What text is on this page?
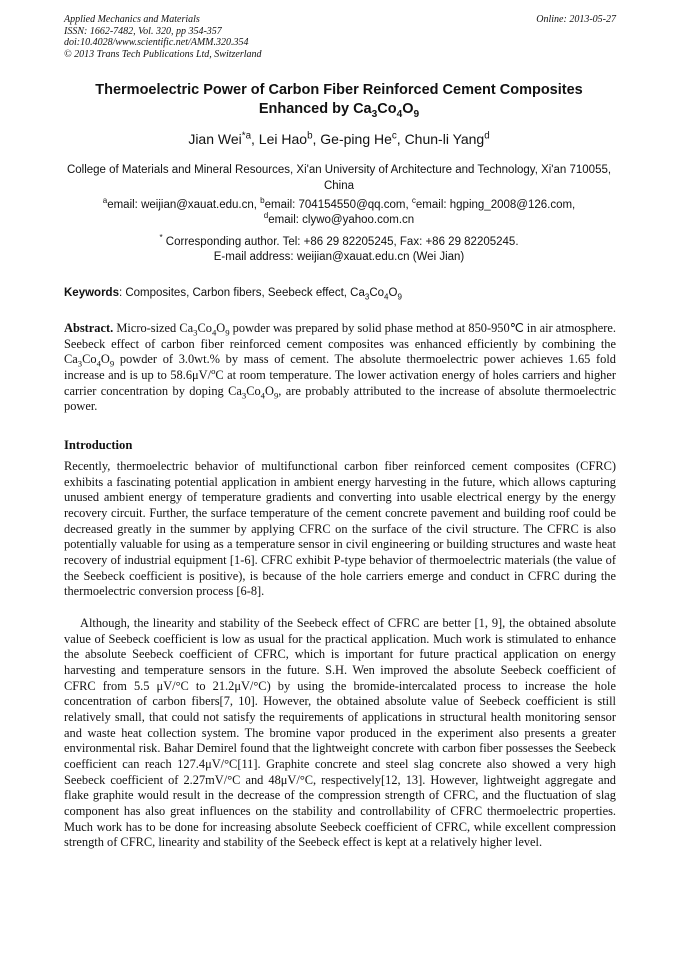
Applied Mechanics and Materials
ISSN: 1662-7482, Vol. 320, pp 354-357
doi:10.4028/www.scientific.net/AMM.320.354
© 2013 Trans Tech Publications Ltd, Switzerland
Online: 2013-05-27
Thermoelectric Power of Carbon Fiber Reinforced Cement Composites
Enhanced by $Ca_3Co_4O_9$
Jian Wei$^{*a}$, Lei Hao$^b$, Ge-ping He$^c$, Chun-li Yang$^d$
College of Materials and Mineral Resources, Xi'an University of Architecture and Technology, Xi'an 710055, China
$^a$email: weijian@xauat.edu.cn, $^b$email: 704154550@qq.com, $^c$email: hgping_2008@126.com,
$^d$email: clywo@yahoo.com.cn
* Corresponding author. Tel: +86 29 82205245, Fax: +86 29 82205245.
E-mail address: weijian@xauat.edu.cn (Wei Jian)
Keywords: Composites, Carbon fibers, Seebeck effect, $Ca_3Co_4O_9$
Abstract. Micro-sized $Ca_3Co_4O_9$ powder was prepared by solid phase method at 850-950℃ in air atmosphere. Seebeck effect of carbon fiber reinforced cement composites was enhanced efficiently by combining the $Ca_3Co_4O_9$ powder of 3.0wt.% by mass of cement. The absolute thermoelectric power achieves 1.65 fold increase and is up to 58.6μV/$^o$C at room temperature. The lower activation energy of holes carriers and higher carrier concentration by doping $Ca_3Co_4O_9$, are probably attributed to the increase of absolute thermoelectric power.
Introduction
Recently, thermoelectric behavior of multifunctional carbon fiber reinforced cement composites (CFRC) exhibits a fascinating potential application in ambient energy harvesting in the future, which allows capturing unused ambient energy of temperature gradients and converting into usable electrical energy by the energy recovery circuit. Further, the surface temperature of the cement concrete pavement and building roof could be decreased greatly in the summer by applying CFRC on the surface of the civil structure. The CFRC is also potentially valuable for using as a temperature sensor in civil engineering or building structures and waste heat recovery of industrial equipment [1-6]. CFRC exhibit P-type behavior of thermoelectric materials (the value of the Seebeck coefficient is positive), is because of the hole carriers emerge and conduct in CFRC during the thermoelectric conversion process [6-8].
Although, the linearity and stability of the Seebeck effect of CFRC are better [1, 9], the obtained absolute value of Seebeck coefficient is low as usual for the practical application. Much work is stimulated to enhance the absolute Seebeck coefficient of CFRC, which is important for future practical application on energy harvesting and temperature sensors in the future. S.H. Wen improved the absolute Seebeck coefficient of CFRC from 5.5 μV/°C to 21.2μV/°C) by using the bromide-intercalated process to increase the hole concentration of carbon fibers[7, 10]. However, the obtained absolute value of Seebeck coefficient is still relatively small, that could not satisfy the requirements of applications in structural health monitoring sensor and waste heat collection system. The bromine vapor produced in the experiment also presents a greater environmental risk. Bahar Demirel found that the lightweight concrete with carbon fiber possesses the Seebeck coefficient can reach 127.4μV/°C[11]. Graphite concrete and steel slag concrete also showed a very high Seebeck coefficient of 2.27mV/°C and 48μV/°C, respectively[12, 13]. However, lightweight aggregate and flake graphite would result in the decrease of the compression strength of CFRC, and the fluctuation of slag component has also great influences on the stability and controllability of CFRC thermoelectric properties. Much work has to be done for increasing absolute Seebeck coefficient of CFRC, while excellent compression strength of CFRC, linearity and stability of the Seebeck effect is kept at a relatively higher level.
